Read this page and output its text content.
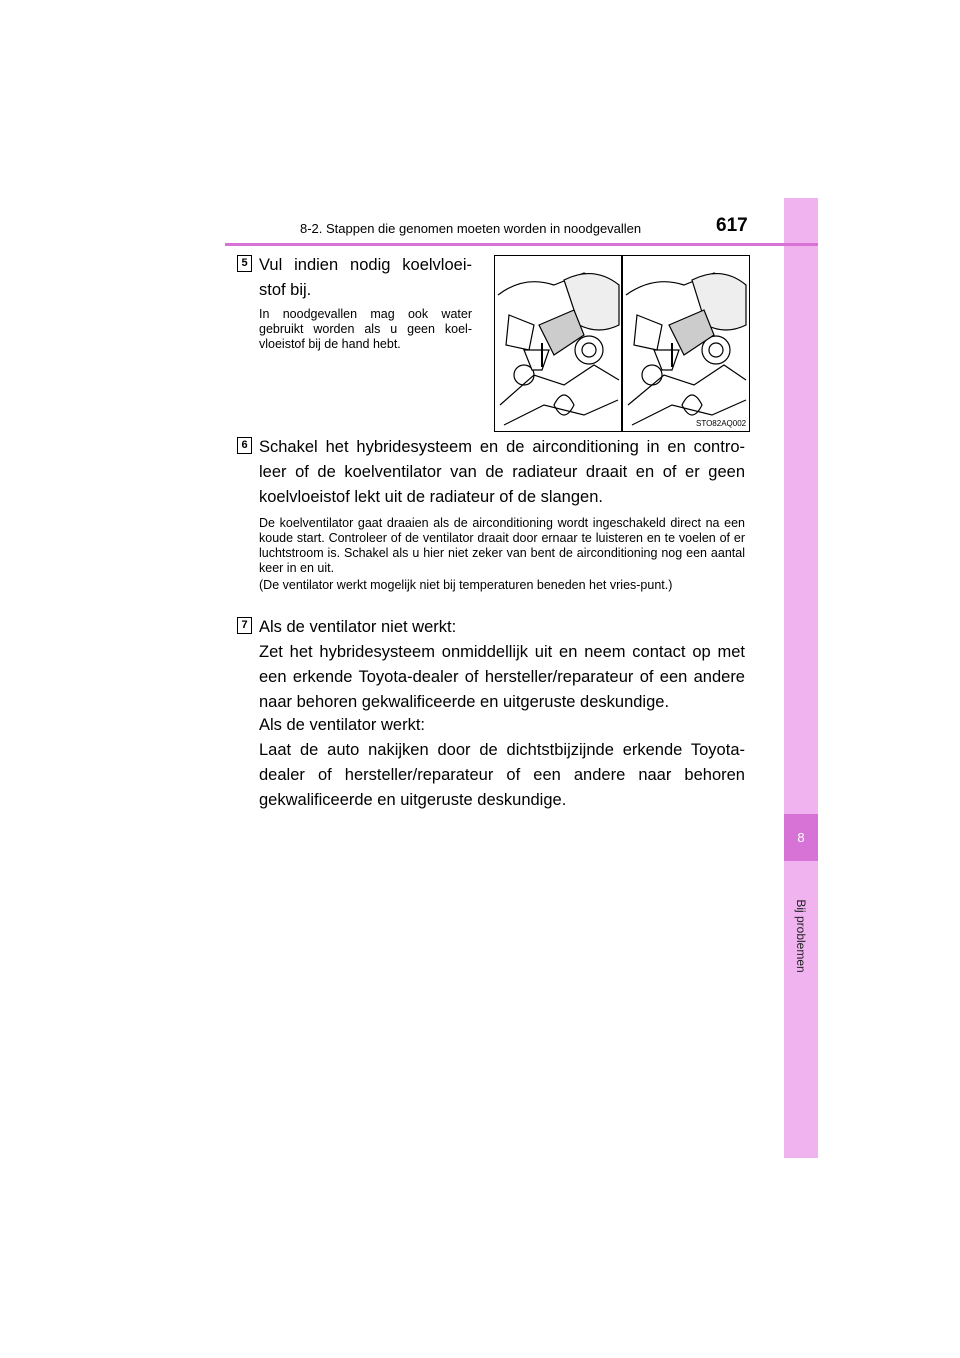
8
Bij problemen
8-2. Stappen die genomen moeten worden in noodgevallen	617
5 Vul indien nodig koelvloei-
stof bij.

In noodgevallen mag ook water gebruikt worden als u geen koel-vloeistof bij de hand hebt.

STO82AQ002
6 Schakel het hybridesysteem en de airconditioning in en contro-leer of de koelventilator van de radiateur draait en of er geen koelvloeistof lekt uit de radiateur of de slangen.

De koelventilator gaat draaien als de airconditioning wordt ingeschakeld direct na een koude start. Controleer of de ventilator draait door ernaar te luisteren en te voelen of er luchtstroom is. Schakel als u hier niet zeker van bent de airconditioning nog een aantal keer in en uit.

(De ventilator werkt mogelijk niet bij temperaturen beneden het vries-punt.)

7 Als de ventilator niet werkt:

Zet het hybridesysteem onmiddellijk uit en neem contact op met een erkende Toyota-dealer of hersteller/reparateur of een andere naar behoren gekwalificeerde en uitgeruste deskundige.

Als de ventilator werkt:

Laat de auto nakijken door de dichtstbijzijnde erkende Toyota-dealer of hersteller/reparateur of een andere naar behoren gekwalificeerde en uitgeruste deskundige.
